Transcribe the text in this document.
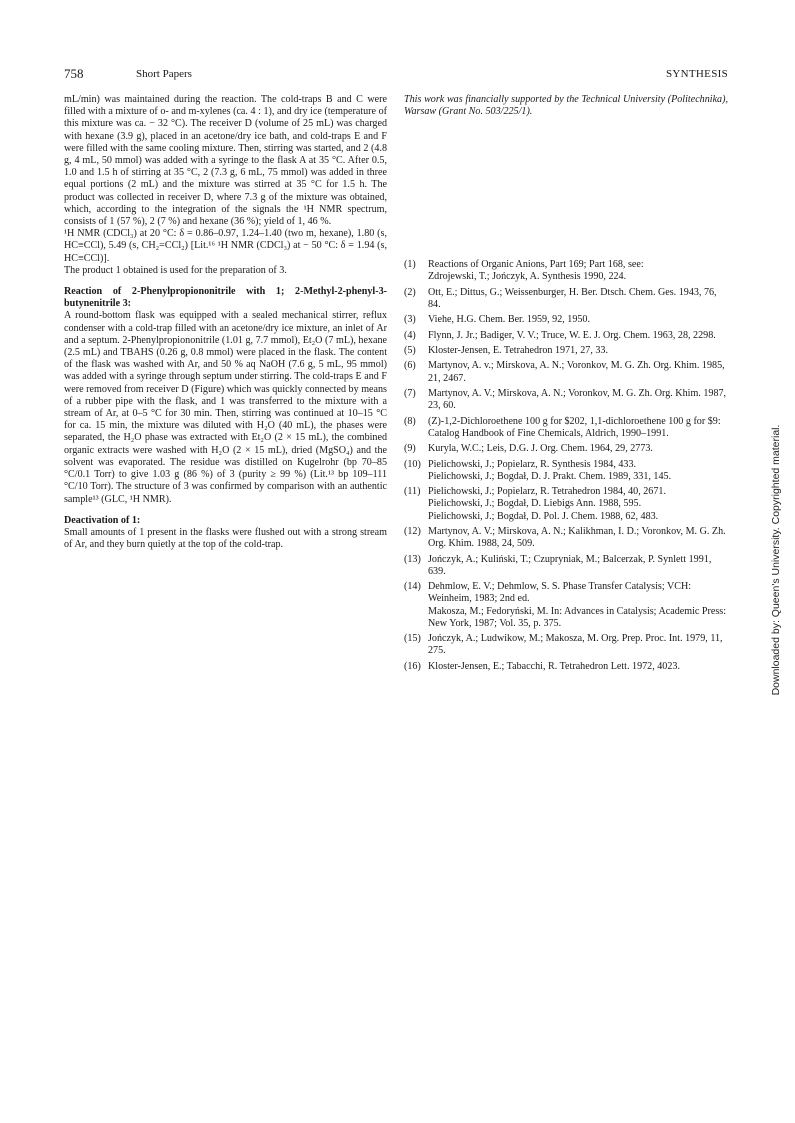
758	Short Papers	SYNTHESIS

mL/min) was maintained during the reaction. The cold-traps B and C were filled with a mixture of o- and m-xylenes (ca. 4 : 1), and dry ice (temperature of this mixture was ca. − 32 °C). The receiver D (volume of 25 mL) was charged with hexane (3.9 g), placed in an acetone/dry ice bath, and cold-traps E and F were filled with the same cooling mixture. Then, stirring was started, and 2 (4.8 g, 4 mL, 50 mmol) was added with a syringe to the flask A at 35 °C. After 0.5, 1.0 and 1.5 h of stirring at 35 °C, 2 (7.3 g, 6 mL, 75 mmol) was added in three equal portions (2 mL) and the mixture was stirred at 35 °C for 1.5 h. The product was collected in receiver D, where 7.3 g of the mixture was obtained, which, according to the integration of the signals the ¹H NMR spectrum, consists of 1 (57 %), 2 (7 %) and hexane (36 %); yield of 1, 46 %.

¹H NMR (CDCl₃) at 20 °C: δ = 0.86–0.97, 1.24–1.40 (two m, hexane), 1.80 (s, HC≡CCl), 5.49 (s, CH₂=CCl₂) [Lit.¹⁶ ¹H NMR (CDCl₃) at − 50 °C: δ = 1.94 (s, HC≡CCl)].

The product 1 obtained is used for the preparation of 3.

Reaction of 2-Phenylpropiononitrile with 1; 2-Methyl-2-phenyl-3-butynenitrile 3:

A round-bottom flask was equipped with a sealed mechanical stirrer, reflux condenser with a cold-trap filled with an acetone/dry ice mixture, an inlet of Ar and a septum. 2-Phenylpropiononitrile (1.01 g, 7.7 mmol), Et₂O (7 mL), hexane (2.5 mL) and TBAHS (0.26 g, 0.8 mmol) were placed in the flask. The content of the flask was washed with Ar, and 50 % aq NaOH (7.6 g, 5 mL, 95 mmol) was added with a syringe through septum under stirring. The cold-traps E and F were removed from receiver D (Figure) which was quickly connected by means of a rubber pipe with the flask, and 1 was transferred to the mixture with a stream of Ar, at 0–5 °C for 30 min. Then, stirring was continued at 10–15 °C for ca. 15 min, the mixture was diluted with H₂O (40 mL), the phases were separated, the H₂O phase was extracted with Et₂O (2 × 15 mL), the combined organic extracts were washed with H₂O (2 × 15 mL), dried (MgSO₄) and the solvent was evaporated. The residue was distilled on Kugelrohr (bp 70–85 °C/0.1 Torr) to give 1.03 g (86 %) of 3 (purity ≥ 99 %) (Lit.¹³ bp 109–111 °C/10 Torr). The structure of 3 was confirmed by comparison with an authentic sample¹³ (GLC, ¹H NMR).

Deactivation of 1:

Small amounts of 1 present in the flasks were flushed out with a strong stream of Ar, and they burn quietly at the top of the cold-trap.

This work was financially supported by the Technical University (Politechnika), Warsaw (Grant No. 503/225/1).

(1)	Reactions of Organic Anions, Part 169; Part 168, see:
Zdrojewski, T.; Jończyk, A. Synthesis 1990, 224.
(2)	Ott, E.; Dittus, G.; Weissenburger, H. Ber. Dtsch. Chem. Ges. 1943, 76, 84.
(3)	Viehe, H.G. Chem. Ber. 1959, 92, 1950.
(4)	Flynn, J. Jr.; Badiger, V. V.; Truce, W. E. J. Org. Chem. 1963, 28, 2298.
(5)	Kloster-Jensen, E. Tetrahedron 1971, 27, 33.
(6)	Martynov, A. v.; Mirskova, A. N.; Voronkov, M. G. Zh. Org. Khim. 1985, 21, 2467.
(7)	Martynov, A. V.; Mirskova, A. N.; Voronkov, M. G. Zh. Org. Khim. 1987, 23, 60.
(8)	(Z)-1,2-Dichloroethene 100 g for $202, 1,1-dichloroethene 100 g for $9: Catalog Handbook of Fine Chemicals, Aldrich, 1990–1991.
(9)	Kuryla, W.C.; Leis, D.G. J. Org. Chem. 1964, 29, 2773.
(10) Pielichowski, J.; Popielarz, R. Synthesis 1984, 433.
Pielichowski, J.; Bogdał, D. J. Prakt. Chem. 1989, 331, 145.
(11) Pielichowski, J.; Popielarz, R. Tetrahedron 1984, 40, 2671.
Pielichowski, J.; Bogdał, D. Liebigs Ann. 1988, 595.
Pielichowski, J.; Bogdał, D. Pol. J. Chem. 1988, 62, 483.
(12) Martynov, A. V.; Mirskova, A. N.; Kalikhman, I. D.; Voronkov, M. G. Zh. Org. Khim. 1988, 24, 509.
(13) Jończyk, A.; Kuliński, T.; Czupryniak, M.; Balcerzak, P. Synlett 1991, 639.
(14) Dehmlow, E. V.; Dehmlow, S. S. Phase Transfer Catalysis; VCH: Weinheim, 1983; 2nd ed.
Makosza, M.; Fedoryński, M. In: Advances in Catalysis; Academic Press: New York, 1987; Vol. 35, p. 375.
(15) Jończyk, A.; Ludwikow, M.; Makosza, M. Org. Prep. Proc. Int. 1979, 11, 275.
(16) Kloster-Jensen, E.; Tabacchi, R. Tetrahedron Lett. 1972, 4023.	Downloaded by: Queen's University. Copyrighted material.
